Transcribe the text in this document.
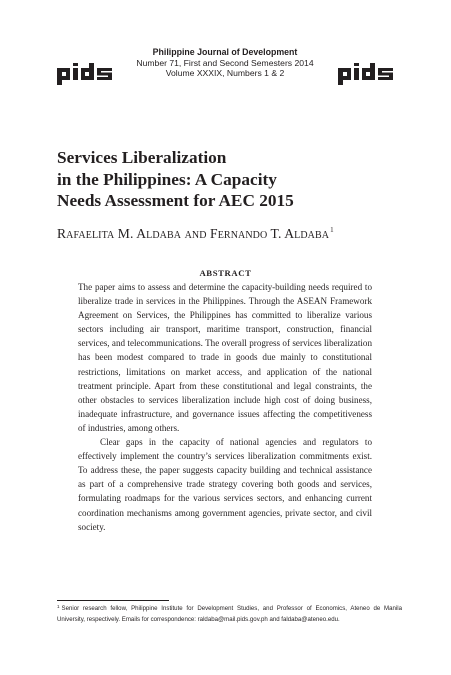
Philippine Journal of Development
Number 71, First and Second Semesters 2014
Volume XXXIX, Numbers 1 & 2
Services Liberalization
in the Philippines: A Capacity
Needs Assessment for AEC 2015
Rafaelita M. Aldaba and Fernando T. Aldaba$^1$
ABSTRACT

The paper aims to assess and determine the capacity-building needs required to liberalize trade in services in the Philippines. Through the ASEAN Framework Agreement on Services, the Philippines has committed to liberalize various sectors including air transport, maritime transport, construction, financial services, and telecommunications. The overall progress of services liberalization has been modest compared to trade in goods due mainly to constitutional restrictions, limitations on market access, and application of the national treatment principle. Apart from these constitutional and legal constraints, the other obstacles to services liberalization include high cost of doing business, inadequate infrastructure, and governance issues affecting the competitiveness of industries, among others.

Clear gaps in the capacity of national agencies and regulators to effectively implement the country’s services liberalization commitments exist. To address these, the paper suggests capacity building and technical assistance as part of a comprehensive trade strategy covering both goods and services, formulating roadmaps for the various services sectors, and enhancing current coordination mechanisms among government agencies, private sector, and civil society.

$^1$ Senior research fellow, Philippine Institute for Development Studies, and Professor of Economics, Ateneo de Manila University, respectively. Emails for correspondence: raldaba@mail.pids.gov.ph and faldaba@ateneo.edu.
